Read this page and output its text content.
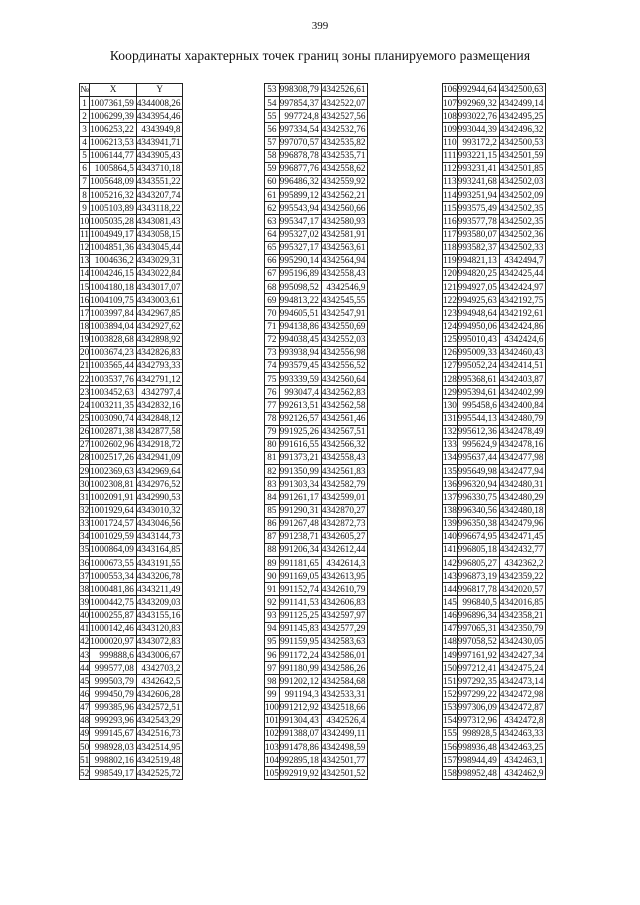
399
Координаты характерных точек границ зоны планируемого размещения
№	X	Y
1	1007361,59	4344008,26
2	1006299,39	4343954,46
3	1006253,22	4343949,8
4	1006213,53	4343941,71
5	1006144,77	4343905,43
6	1005864,5	4343710,18
7	1005648,09	4343551,22
8	1005216,32	4343207,74
9	1005103,89	4343118,22
10	1005035,28	4343081,43
11	1004949,17	4343058,15
12	1004851,36	4343045,44
13	1004636,2	4343029,31
14	1004246,15	4343022,84
15	1004180,18	4343017,07
16	1004109,75	4343003,61
17	1003997,84	4342967,85
18	1003894,04	4342927,62
19	1003828,68	4342898,92
20	1003674,23	4342826,83
21	1003565,44	4342793,33
22	1003537,76	4342791,12
23	1003452,63	4342797,4
24	1003211,35	4342832,16
25	1003090,74	4342848,12
26	1002871,38	4342877,58
27	1002602,96	4342918,72
28	1002517,26	4342941,09
29	1002369,63	4342969,64
30	1002308,81	4342976,52
31	1002091,91	4342990,53
32	1001929,64	4343010,32
33	1001724,57	4343046,56
34	1001029,59	4343144,73
35	1000864,09	4343164,85
36	1000673,55	4343191,55
37	1000553,34	4343206,78
38	1000481,86	4343211,49
39	1000442,75	4343209,03
40	1000255,87	4343155,16
41	1000142,46	4343120,83
42	1000020,97	4343072,83
43	999888,6	4343006,67
44	999577,08	4342703,2
45	999503,79	4342642,5
46	999450,79	4342606,28
47	999385,96	4342572,51
48	999293,96	4342543,29
49	999145,67	4342516,73
50	998928,03	4342514,95
51	998802,16	4342519,48
52	998549,17	4342525,72
53	998308,79	4342526,61
54	997854,37	4342522,07
55	997724,8	4342527,56
56	997334,54	4342532,76
57	997070,57	4342535,82
58	996878,78	4342535,71
59	996877,76	4342558,62
60	996486,32	4342559,92
61	995899,12	4342562,21
62	995543,94	4342560,66
63	995347,17	4342580,93
64	995327,02	4342581,91
65	995327,17	4342563,61
66	995290,14	4342564,94
67	995196,89	4342558,43
68	995098,52	4342546,9
69	994813,22	4342545,55
70	994605,51	4342547,91
71	994138,86	4342550,69
72	994038,45	4342552,03
73	993938,94	4342556,98
74	993579,45	4342556,52
75	993339,59	4342560,64
76	993047,4	4342562,83
77	992613,51	4342562,58
78	992126,57	4342561,46
79	991925,26	4342567,51
80	991616,55	4342566,32
81	991373,21	4342558,43
82	991350,99	4342561,83
83	991303,34	4342582,79
84	991261,17	4342599,01
85	991290,31	4342870,27
86	991267,48	4342872,73
87	991238,71	4342605,27
88	991206,34	4342612,44
89	991181,65	4342614,3
90	991169,05	4342613,95
91	991152,74	4342610,79
92	991141,53	4342606,83
93	991125,25	4342597,97
94	991145,83	4342577,29
95	991159,95	4342583,63
96	991172,24	4342586,01
97	991180,99	4342586,26
98	991202,12	4342584,68
99	991194,3	4342533,31
100	991212,92	4342518,66
101	991304,43	4342526,4
102	991388,07	4342499,11
103	991478,86	4342498,59
104	992895,18	4342501,77
105	992919,92	4342501,52
106	992944,64	4342500,63
107	992969,32	4342499,14
108	993022,76	4342495,25
109	993044,39	4342496,32
110	993172,2	4342500,53
111	993221,15	4342501,59
112	993231,41	4342501,85
113	993241,68	4342502,03
114	993251,94	4342502,09
115	993575,49	4342502,35
116	993577,78	4342502,35
117	993580,07	4342502,36
118	993582,37	4342502,33
119	994821,13	4342494,7
120	994820,25	4342425,44
121	994927,05	4342424,97
122	994925,63	4342192,75
123	994948,64	4342192,61
124	994950,06	4342424,86
125	995010,43	4342424,6
126	995009,33	4342460,43
127	995052,24	4342414,51
128	995368,61	4342403,87
129	995394,61	4342402,99
130	995458,6	4342400,84
131	995544,13	4342480,79
132	995612,36	4342478,49
133	995624,9	4342478,16
134	995637,44	4342477,98
135	995649,98	4342477,94
136	996320,94	4342480,31
137	996330,75	4342480,29
138	996340,56	4342480,18
139	996350,38	4342479,96
140	996674,95	4342471,45
141	996805,18	4342432,77
142	996805,27	4342362,2
143	996873,19	4342359,22
144	996817,78	4342020,57
145	996840,5	4342016,85
146	996896,34	4342358,21
147	997065,31	4342350,79
148	997058,52	4342430,05
149	997161,92	4342427,34
150	997212,41	4342475,24
151	997292,35	4342473,14
152	997299,22	4342472,98
153	997306,09	4342472,87
154	997312,96	4342472,8
155	998928,5	4342463,33
156	998936,48	4342463,25
157	998944,49	4342463,1
158	998952,48	4342462,9
